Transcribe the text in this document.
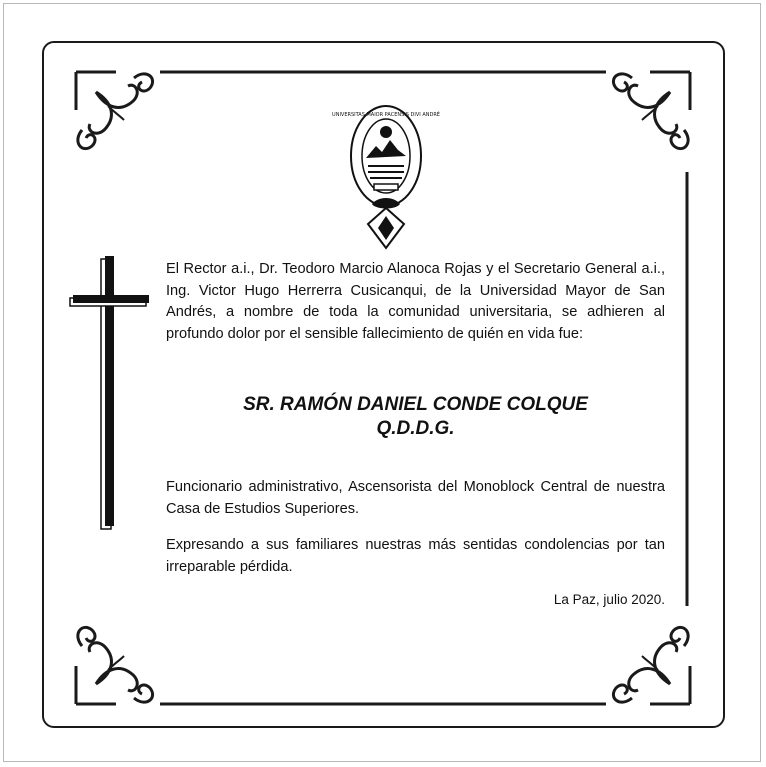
UNIVERSITAS MAIOR PACENSIS DIVI ANDRÉ

El Rector a.i., Dr. Teodoro Marcio Alanoca Rojas y el Secretario General a.i., Ing. Victor Hugo Herrerra Cusicanqui, de la Universidad Mayor de San Andrés, a nombre de toda la comunidad universitaria, se adhieren al profundo dolor por el sensible fallecimiento de quién en vida fue:

SR. RAMÓN DANIEL CONDE COLQUE
Q.D.D.G.

Funcionario administrativo, Ascensorista del Monoblock Central de nuestra Casa de Estudios Superiores.

Expresando a sus familiares nuestras más sentidas condolencias por tan irreparable pérdida.

La Paz, julio 2020.
